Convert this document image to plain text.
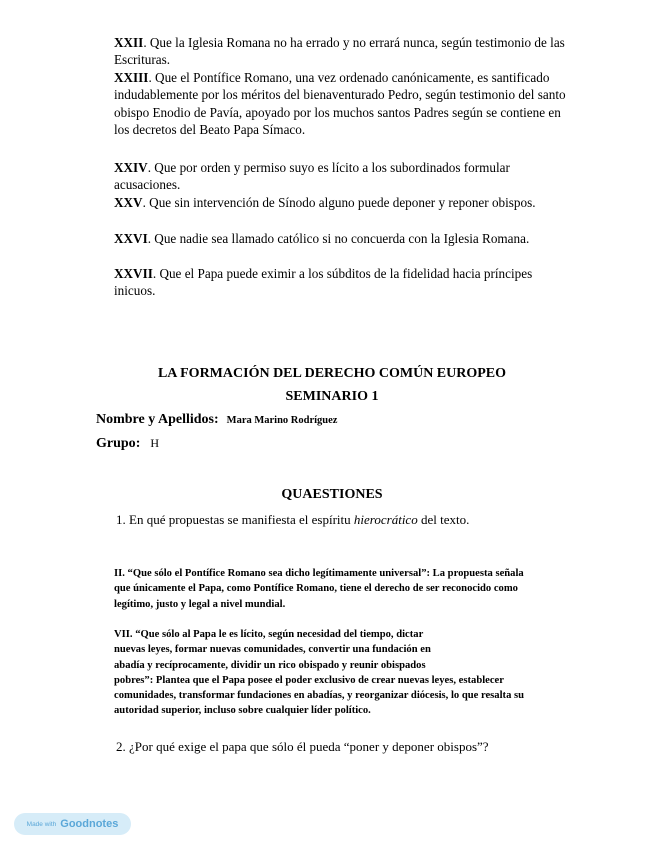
XXII. Que la Iglesia Romana no ha errado y no errará nunca, según testimonio de las Escrituras.
XXIII. Que el Pontífice Romano, una vez ordenado canónicamente, es santificado indudablemente por los méritos del bienaventurado Pedro, según testimonio del santo obispo Enodio de Pavía, apoyado por los muchos santos Padres según se contiene en los decretos del Beato Papa Símaco.
XXIV. Que por orden y permiso suyo es lícito a los subordinados formular acusaciones.
XXV. Que sin intervención de Sínodo alguno puede deponer y reponer obispos.
XXVI. Que nadie sea llamado católico si no concuerda con la Iglesia Romana.
XXVII. Que el Papa puede eximir a los súbditos de la fidelidad hacia príncipes inicuos.
LA FORMACIÓN DEL DERECHO COMÚN EUROPEO
SEMINARIO 1
Nombre y Apellidos: Mara Marino Rodríguez
Grupo: H
QUAESTIONES
1. En qué propuestas se manifiesta el espíritu hierocrático del texto.
II. “Que sólo el Pontífice Romano sea dicho legítimamente universal”: La propuesta señala
que únicamente el Papa, como Pontífice Romano, tiene el derecho de ser reconocido como
legítimo, justo y legal a nivel mundial.
VII. “Que sólo al Papa le es lícito, según necesidad del tiempo, dictar
nuevas leyes, formar nuevas comunidades, convertir una fundación en
abadía y recíprocamente, dividir un rico obispado y reunir obispados
pobres”: Plantea que el Papa posee el poder exclusivo de crear nuevas leyes, establecer
comunidades, transformar fundaciones en abadías, y reorganizar diócesis, lo que resalta su
autoridad superior, incluso sobre cualquier líder político.
2. ¿Por qué exige el papa que sólo él pueda “poner y deponer obispos”?
Made with Goodnotes
